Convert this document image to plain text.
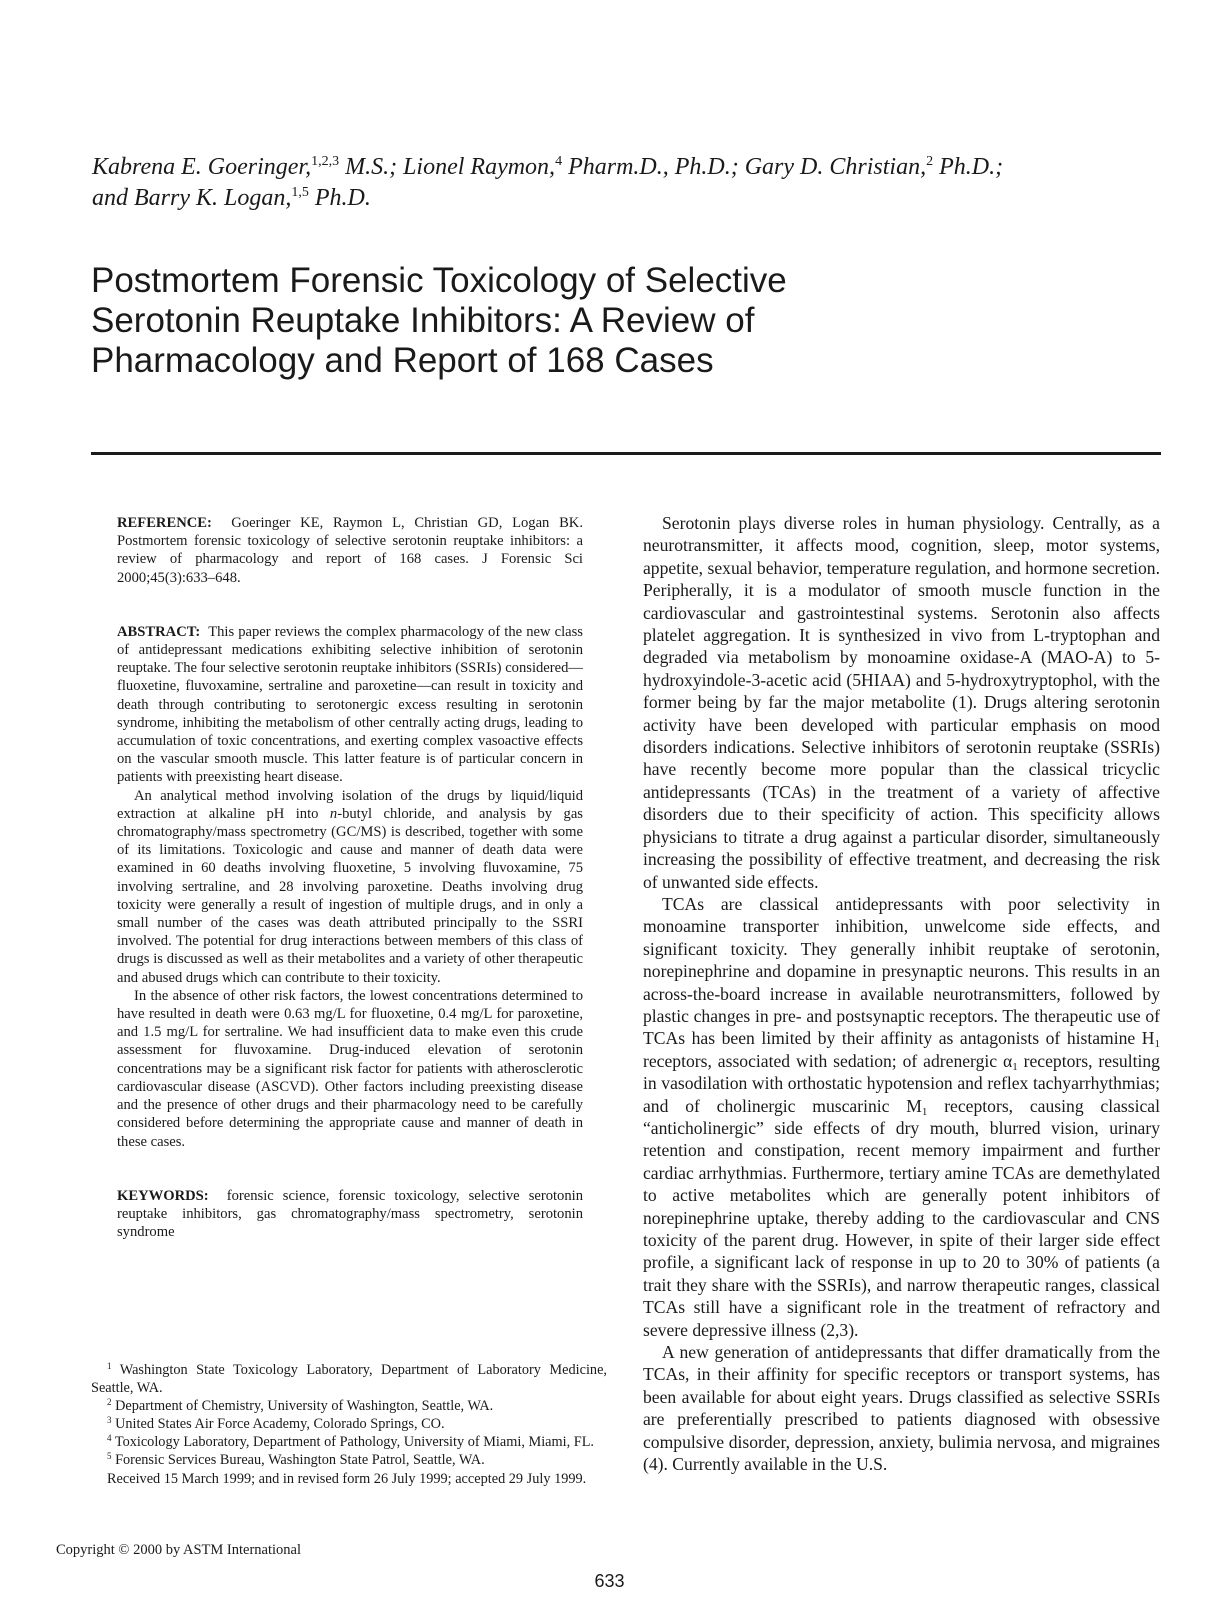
Kabrena E. Goeringer,$^{1,2,3}$ M.S.; Lionel Raymon,$^4$ Pharm.D., Ph.D.; Gary D. Christian,$^2$ Ph.D.;
and Barry K. Logan,$^{1,5}$ Ph.D.
Postmortem Forensic Toxicology of Selective Serotonin Reuptake Inhibitors: A Review of Pharmacology and Report of 168 Cases

REFERENCE: Goeringer KE, Raymon L, Christian GD, Logan BK. Postmortem forensic toxicology of selective serotonin reuptake inhibitors: a review of pharmacology and report of 168 cases. J Forensic Sci 2000;45(3):633–648.

ABSTRACT: This paper reviews the complex pharmacology of the new class of antidepressant medications exhibiting selective inhibition of serotonin reuptake. The four selective serotonin reuptake inhibitors (SSRIs) considered—fluoxetine, fluvoxamine, sertraline and paroxetine—can result in toxicity and death through contributing to serotonergic excess resulting in serotonin syndrome, inhibiting the metabolism of other centrally acting drugs, leading to accumulation of toxic concentrations, and exerting complex vasoactive effects on the vascular smooth muscle. This latter feature is of particular concern in patients with preexisting heart disease.

An analytical method involving isolation of the drugs by liquid/liquid extraction at alkaline pH into n-butyl chloride, and analysis by gas chromatography/mass spectrometry (GC/MS) is described, together with some of its limitations. Toxicologic and cause and manner of death data were examined in 60 deaths involving fluoxetine, 5 involving fluvoxamine, 75 involving sertraline, and 28 involving paroxetine. Deaths involving drug toxicity were generally a result of ingestion of multiple drugs, and in only a small number of the cases was death attributed principally to the SSRI involved. The potential for drug interactions between members of this class of drugs is discussed as well as their metabolites and a variety of other therapeutic and abused drugs which can contribute to their toxicity.

In the absence of other risk factors, the lowest concentrations determined to have resulted in death were 0.63 mg/L for fluoxetine, 0.4 mg/L for paroxetine, and 1.5 mg/L for sertraline. We had insufficient data to make even this crude assessment for fluvoxamine. Drug-induced elevation of serotonin concentrations may be a significant risk factor for patients with atherosclerotic cardiovascular disease (ASCVD). Other factors including preexisting disease and the presence of other drugs and their pharmacology need to be carefully considered before determining the appropriate cause and manner of death in these cases.

KEYWORDS: forensic science, forensic toxicology, selective serotonin reuptake inhibitors, gas chromatography/mass spectrometry, serotonin syndrome

$^1$ Washington State Toxicology Laboratory, Department of Laboratory Medicine, Seattle, WA.

$^2$ Department of Chemistry, University of Washington, Seattle, WA.

$^3$ United States Air Force Academy, Colorado Springs, CO.

$^4$ Toxicology Laboratory, Department of Pathology, University of Miami, Miami, FL.

$^5$ Forensic Services Bureau, Washington State Patrol, Seattle, WA.

Received 15 March 1999; and in revised form 26 July 1999; accepted 29 July 1999.

Serotonin plays diverse roles in human physiology. Centrally, as a neurotransmitter, it affects mood, cognition, sleep, motor systems, appetite, sexual behavior, temperature regulation, and hormone secretion. Peripherally, it is a modulator of smooth muscle function in the cardiovascular and gastrointestinal systems. Serotonin also affects platelet aggregation. It is synthesized in vivo from L-tryptophan and degraded via metabolism by monoamine oxidase-A (MAO-A) to 5-hydroxyindole-3-acetic acid (5HIAA) and 5-hydroxytryptophol, with the former being by far the major metabolite (1). Drugs altering serotonin activity have been developed with particular emphasis on mood disorders indications. Selective inhibitors of serotonin reuptake (SSRIs) have recently become more popular than the classical tricyclic antidepressants (TCAs) in the treatment of a variety of affective disorders due to their specificity of action. This specificity allows physicians to titrate a drug against a particular disorder, simultaneously increasing the possibility of effective treatment, and decreasing the risk of unwanted side effects.

TCAs are classical antidepressants with poor selectivity in monoamine transporter inhibition, unwelcome side effects, and significant toxicity. They generally inhibit reuptake of serotonin, norepinephrine and dopamine in presynaptic neurons. This results in an across-the-board increase in available neurotransmitters, followed by plastic changes in pre- and postsynaptic receptors. The therapeutic use of TCAs has been limited by their affinity as antagonists of histamine $H_1$ receptors, associated with sedation; of adrenergic $\alpha_1$ receptors, resulting in vasodilation with orthostatic hypotension and reflex tachyarrhythmias; and of cholinergic muscarinic $M_1$ receptors, causing classical “anticholinergic” side effects of dry mouth, blurred vision, urinary retention and constipation, recent memory impairment and further cardiac arrhythmias. Furthermore, tertiary amine TCAs are demethylated to active metabolites which are generally potent inhibitors of norepinephrine uptake, thereby adding to the cardiovascular and CNS toxicity of the parent drug. However, in spite of their larger side effect profile, a significant lack of response in up to 20 to 30% of patients (a trait they share with the SSRIs), and narrow therapeutic ranges, classical TCAs still have a significant role in the treatment of refractory and severe depressive illness (2,3).

A new generation of antidepressants that differ dramatically from the TCAs, in their affinity for specific receptors or transport systems, has been available for about eight years. Drugs classified as selective SSRIs are preferentially prescribed to patients diagnosed with obsessive compulsive disorder, depression, anxiety, bulimia nervosa, and migraines (4). Currently available in the U.S.

Copyright © 2000 by ASTM International
633
